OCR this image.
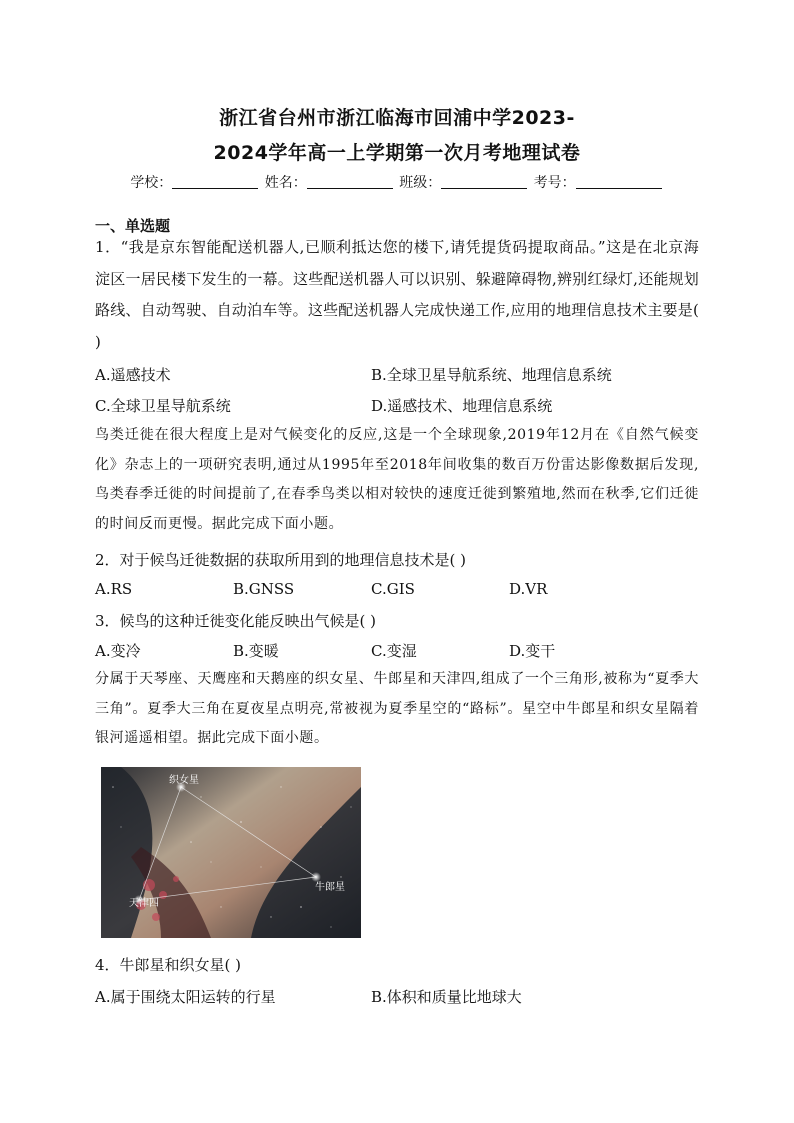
浙江省台州市浙江临海市回浦中学2023-
2024学年高一上学期第一次月考地理试卷
学校：	姓名：	班级：	考号：
一、单选题
1．“我是京东智能配送机器人,已顺利抵达您的楼下,请凭提货码提取商品。”这是在北京海淀区一居民楼下发生的一幕。这些配送机器人可以识别、躲避障碍物,辨别红绿灯,还能规划路线、自动驾驶、自动泊车等。这些配送机器人完成快递工作,应用的地理信息技术主要是( )
A.遥感技术	B.全球卫星导航系统、地理信息系统
C.全球卫星导航系统	D.遥感技术、地理信息系统
鸟类迁徙在很大程度上是对气候变化的反应,这是一个全球现象,2019年12月在《自然气候变化》杂志上的一项研究表明,通过从1995年至2018年间收集的数百万份雷达影像数据后发现,鸟类春季迁徙的时间提前了,在春季鸟类以相对较快的速度迁徙到繁殖地,然而在秋季,它们迁徙的时间反而更慢。据此完成下面小题。
2．对于候鸟迁徙数据的获取所用到的地理信息技术是( )
A.RS	B.GNSS	C.GIS	D.VR
3．候鸟的这种迁徙变化能反映出气候是( )
A.变冷	B.变暖	C.变湿	D.变干
分属于天琴座、天鹰座和天鹅座的织女星、牛郎星和天津四,组成了一个三角形,被称为“夏季大三角”。夏季大三角在夏夜星点明亮,常被视为夏季星空的“路标”。星空中牛郎星和织女星隔着银河遥遥相望。据此完成下面小题。
织女星
牛郎星
天津四
4．牛郎星和织女星( )
A.属于围绕太阳运转的行星	B.体积和质量比地球大
